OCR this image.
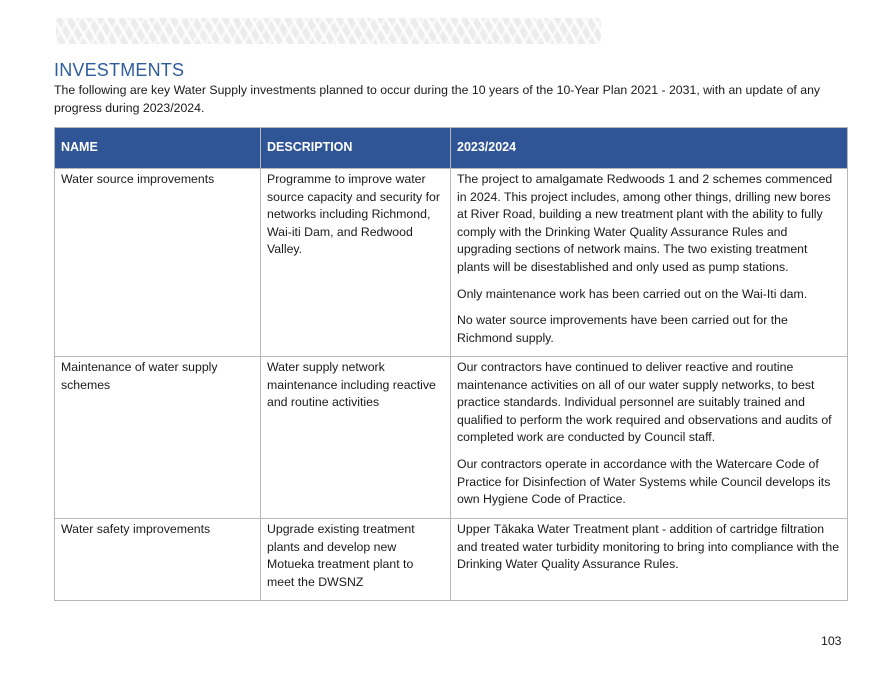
INVESTMENTS

The following are key Water Supply investments planned to occur during the 10 years of the 10-Year Plan 2021 - 2031, with an update of any progress during 2023/2024.

NAME	DESCRIPTION	2023/2024
Water source improvements	Programme to improve water source capacity and security for networks including Richmond, Wai-iti Dam, and Redwood Valley.	The project to amalgamate Redwoods 1 and 2 schemes commenced in 2024. This project includes, among other things, drilling new bores at River Road, building a new treatment plant with the ability to fully comply with the Drinking Water Quality Assurance Rules and upgrading sections of network mains. The two existing treatment plants will be disestablished and only used as pump stations.

Only maintenance work has been carried out on the Wai-Iti dam.

No water source improvements have been carried out for the Richmond supply.

Maintenance of water supply schemes	Water supply network maintenance including reactive and routine activities	Our contractors have continued to deliver reactive and routine maintenance activities on all of our water supply networks, to best practice standards. Individual personnel are suitably trained and qualified to perform the work required and observations and audits of completed work are conducted by Council staff.

Our contractors operate in accordance with the Watercare Code of Practice for Disinfection of Water Systems while Council develops its own Hygiene Code of Practice.

Water safety improvements	Upgrade existing treatment plants and develop new Motueka treatment plant to meet the DWSNZ	Upper Tākaka Water Treatment plant - addition of cartridge filtration and treated water turbidity monitoring to bring into compliance with the Drinking Water Quality Assurance Rules.

103
